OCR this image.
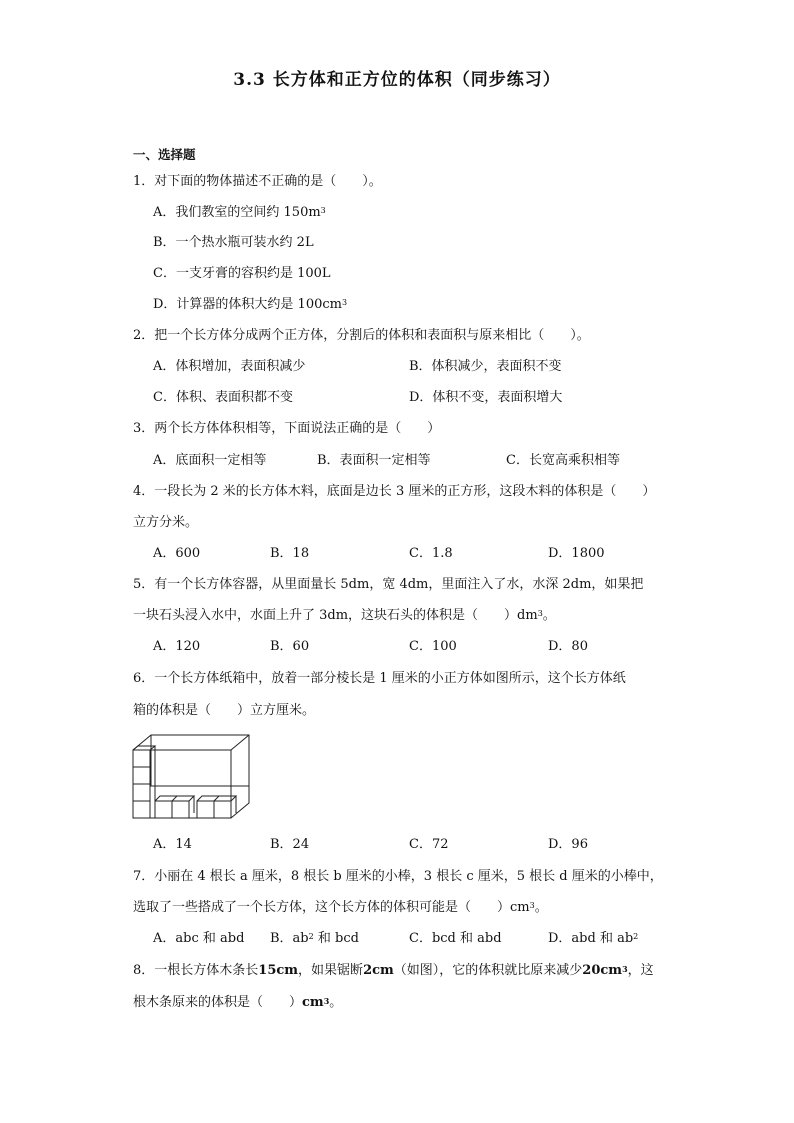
3.3 长方体和正方位的体积（同步练习）
一、选择题
1．对下面的物体描述不正确的是（　　）。
A．我们教室的空间约 $150m^3$
B．一个热水瓶可装水约 2L
C．一支牙膏的容积约是 100L
D．计算器的体积大约是 $100cm^3$
2．把一个长方体分成两个正方体，分割后的体积和表面积与原来相比（　　）。
A．体积增加，表面积减少	B．体积减少，表面积不变
C．体积、表面积都不变	D．体积不变，表面积增大
3．两个长方体体积相等，下面说法正确的是（　　）
A．底面积一定相等	B．表面积一定相等	C．长宽高乘积相等
4．一段长为 2 米的长方体木料，底面是边长 3 厘米的正方形，这段木料的体积是（　　）
立方分米。
A．600	B．18	C．1.8	D．1800
5．有一个长方体容器，从里面量长 5dm，宽 4dm，里面注入了水，水深 2dm，如果把
一块石头浸入水中，水面上升了 3dm，这块石头的体积是（　　）$dm^3$。
A．120	B．60	C．100	D．80
6．一个长方体纸箱中，放着一部分棱长是 1 厘米的小正方体如图所示，这个长方体纸
箱的体积是（　　）立方厘米。
A．14	B．24	C．72	D．96
7．小丽在 4 根长 a 厘米，8 根长 b 厘米的小棒，3 根长 c 厘米，5 根长 d 厘米的小棒中，
选取了一些搭成了一个长方体，这个长方体的体积可能是（　　）$cm^3$。
A．abc 和 abd B．$ab^2$ 和 bcd	C．bcd 和 abd	D．abd 和 $ab^2$
8．一根长方体木条长15cm，如果锯断2cm（如图），它的体积就比原来减少$20cm^3$，这
根木条原来的体积是（　　）$cm^3$。
